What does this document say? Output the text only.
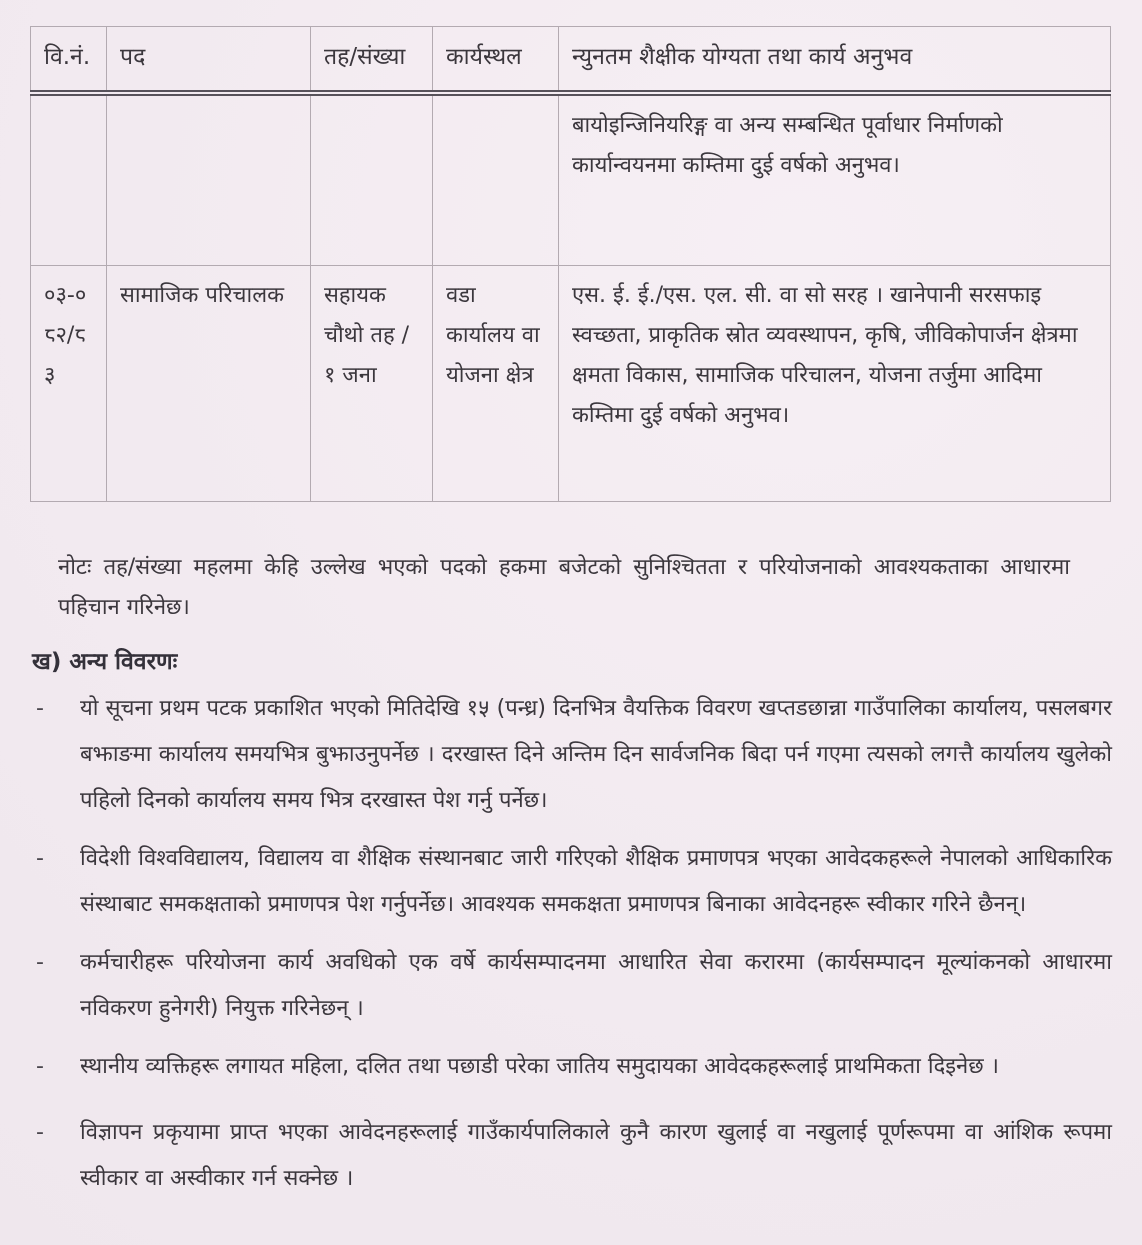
वि.नं.	पद	तह/संख्या	कार्यस्थल	न्युनतम शैक्षीक योग्यता तथा कार्य अनुभव
				बायोइन्जिनियरिङ्ग वा अन्य सम्बन्धित पूर्वाधार निर्माणको कार्यान्वयनमा कम्तिमा दुई वर्षको अनुभव।
०३-०८२/८३	सामाजिक परिचालक	सहायक चौथो तह / १ जना	वडा कार्यालय वा योजना क्षेत्र	एस. ई. ई./एस. एल. सी. वा सो सरह । खानेपानी सरसफाइ स्वच्छता, प्राकृतिक स्रोत व्यवस्थापन, कृषि, जीविकोपार्जन क्षेत्रमा क्षमता विकास, सामाजिक परिचालन, योजना तर्जुमा आदिमा कम्तिमा दुई वर्षको अनुभव।

नोटः तह/संख्या महलमा केहि उल्लेख भएको पदको हकमा बजेटको सुनिश्चितता र परियोजनाको आवश्यकताका आधारमा पहिचान गरिनेछ।

ख) अन्य विवरणः
-	यो सूचना प्रथम पटक प्रकाशित भएको मितिदेखि १५ (पन्ध्र) दिनभित्र वैयक्तिक विवरण खप्तडछान्ना गाउँपालिका कार्यालय, पसलबगर बझाङमा कार्यालय समयभित्र बुझाउनुपर्नेछ । दरखास्त दिने अन्तिम दिन सार्वजनिक बिदा पर्न गएमा त्यसको लगत्तै कार्यालय खुलेको पहिलो दिनको कार्यालय समय भित्र दरखास्त पेश गर्नु पर्नेछ।
-	विदेशी विश्वविद्यालय, विद्यालय वा शैक्षिक संस्थानबाट जारी गरिएको शैक्षिक प्रमाणपत्र भएका आवेदकहरूले नेपालको आधिकारिक संस्थाबाट समकक्षताको प्रमाणपत्र पेश गर्नुपर्नेछ। आवश्यक समकक्षता प्रमाणपत्र बिनाका आवेदनहरू स्वीकार गरिने छैनन्।
-	कर्मचारीहरू परियोजना कार्य अवधिको एक वर्षे कार्यसम्पादनमा आधारित सेवा करारमा (कार्यसम्पादन मूल्यांकनको आधारमा नविकरण हुनेगरी) नियुक्त गरिनेछन् ।
-	स्थानीय व्यक्तिहरू लगायत महिला, दलित तथा पछाडी परेका जातिय समुदायका आवेदकहरूलाई प्राथमिकता दिइनेछ ।
-	विज्ञापन प्रकृयामा प्राप्त भएका आवेदनहरूलाई गाउँकार्यपालिकाले कुनै कारण खुलाई वा नखुलाई पूर्णरूपमा वा आंशिक रूपमा स्वीकार वा अस्वीकार गर्न सक्नेछ ।
